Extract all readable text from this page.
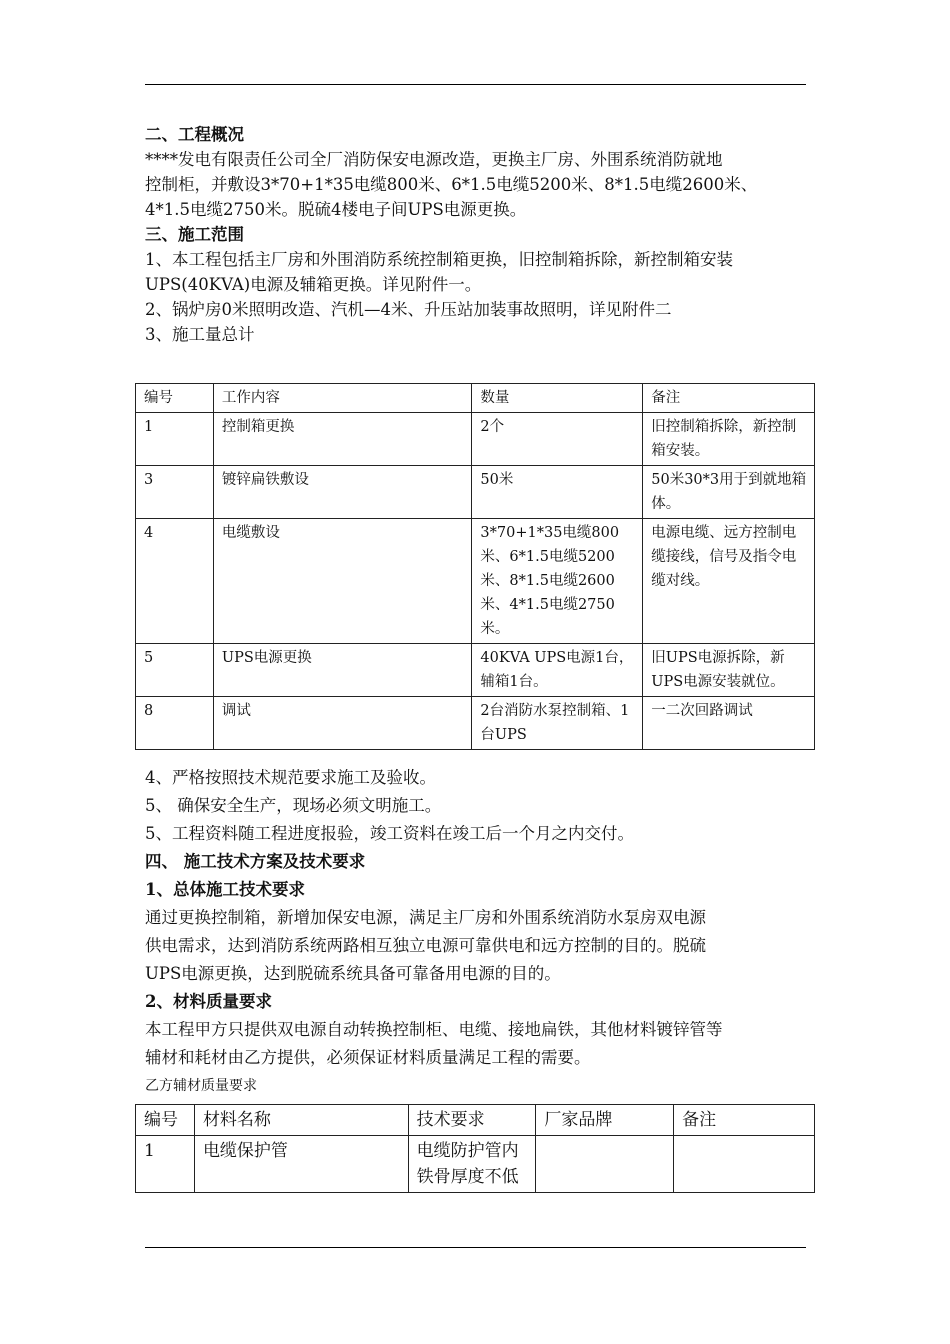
二、工程概况

****发电有限责任公司全厂消防保安电源改造，更换主厂房、外围系统消防就地

控制柜，并敷设3*70+1*35电缆800米、6*1.5电缆5200米、8*1.5电缆2600米、

4*1.5电缆2750米。脱硫4楼电子间UPS电源更换。

三、施工范围

1、本工程包括主厂房和外围消防系统控制箱更换，旧控制箱拆除，新控制箱安装

UPS(40KVA)电源及辅箱更换。详见附件一。

2、锅炉房0米照明改造、汽机—4米、升压站加装事故照明，详见附件二

3、施工量总计

编号	工作内容	数量	备注
1	控制箱更换	2个	旧控制箱拆除，新控制箱安装。
3	镀锌扁铁敷设	50米	50米30*3用于到就地箱体。
4	电缆敷设	3*70+1*35电缆800米、6*1.5电缆5200米、8*1.5电缆2600米、4*1.5电缆2750米。	电源电缆、远方控制电缆接线，信号及指令电缆对线。
5	UPS电源更换	40KVA UPS电源1台，辅箱1台。	旧UPS电源拆除，新UPS电源安装就位。
8	调试	2台消防水泵控制箱、1台UPS	一二次回路调试

4、严格按照技术规范要求施工及验收。

5、 确保安全生产，现场必须文明施工。

5、工程资料随工程进度报验，竣工资料在竣工后一个月之内交付。

四、 施工技术方案及技术要求

1、总体施工技术要求

通过更换控制箱，新增加保安电源，满足主厂房和外围系统消防水泵房双电源

供电需求，达到消防系统两路相互独立电源可靠供电和远方控制的目的。脱硫

UPS电源更换，达到脱硫系统具备可靠备用电源的目的。

2、材料质量要求

本工程甲方只提供双电源自动转换控制柜、电缆、接地扁铁，其他材料镀锌管等

辅材和耗材由乙方提供，必须保证材料质量满足工程的需要。

乙方辅材质量要求

编号	材料名称	技术要求	厂家品牌	备注
1	电缆保护管	电缆防护管内铁骨厚度不低		
